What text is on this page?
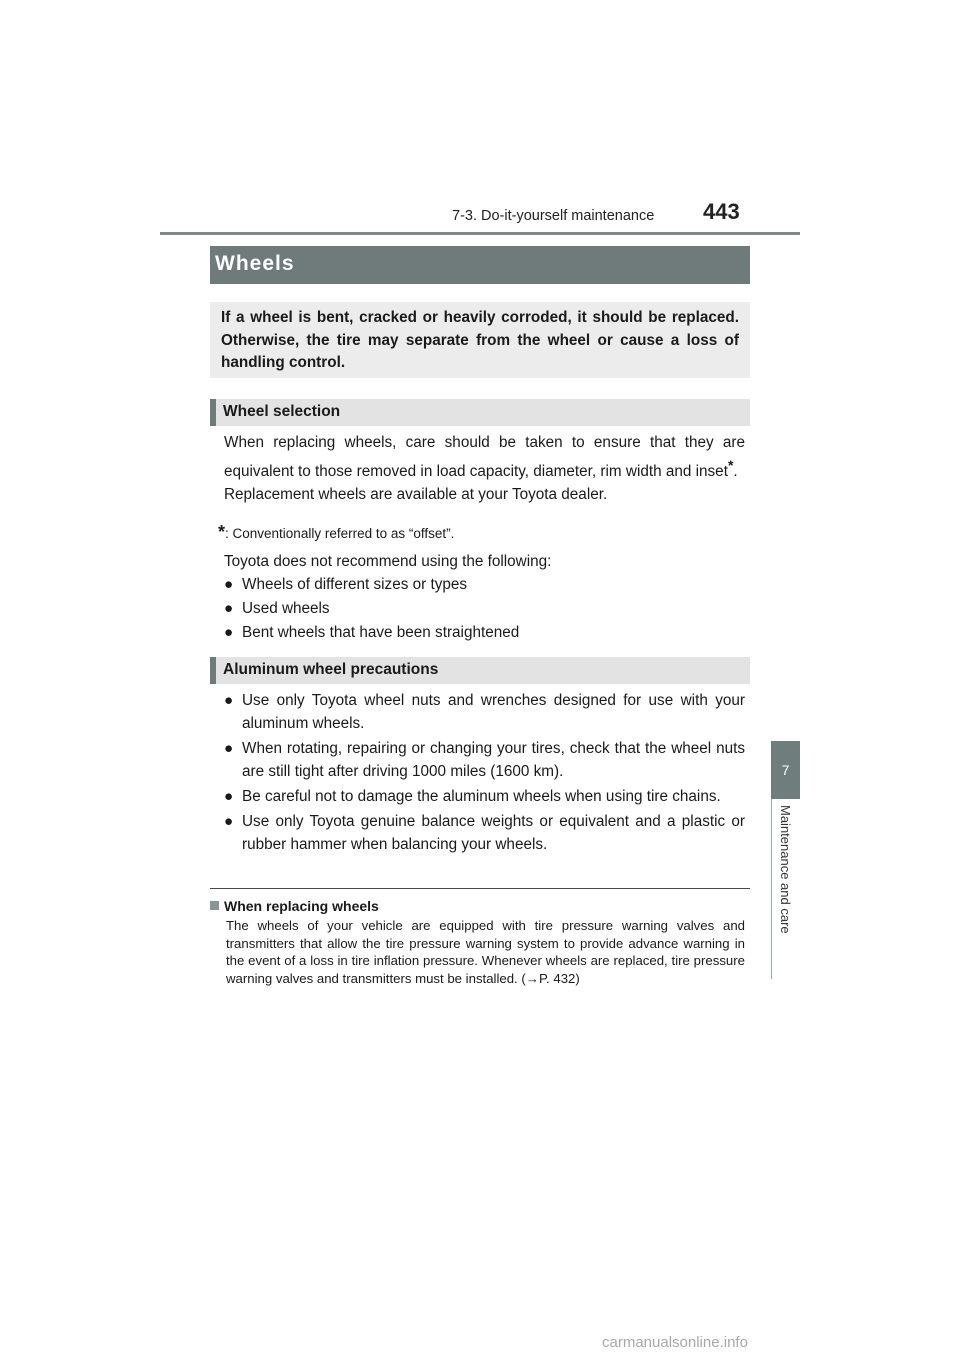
7-3. Do-it-yourself maintenance 443
7
Maintenance and care
Wheels
If a wheel is bent, cracked or heavily corroded, it should be replaced. Otherwise, the tire may separate from the wheel or cause a loss of handling control.
Wheel selection

When replacing wheels, care should be taken to ensure that they are equivalent to those removed in load capacity, diameter, rim width and inset*.

Replacement wheels are available at your Toyota dealer.

*: Conventionally referred to as “offset”.
Toyota does not recommend using the following:
● Wheels of different sizes or types
● Used wheels
● Bent wheels that have been straightened
Aluminum wheel precautions
● Use only Toyota wheel nuts and wrenches designed for use with your aluminum wheels.
● When rotating, repairing or changing your tires, check that the wheel nuts are still tight after driving 1000 miles (1600 km).
● Be careful not to damage the aluminum wheels when using tire chains.
● Use only Toyota genuine balance weights or equivalent and a plastic or rubber hammer when balancing your wheels.
When replacing wheels
The wheels of your vehicle are equipped with tire pressure warning valves and transmitters that allow the tire pressure warning system to provide advance warning in the event of a loss in tire inflation pressure. Whenever wheels are replaced, tire pressure warning valves and transmitters must be installed. (→P. 432)
carmanualsonline.info
